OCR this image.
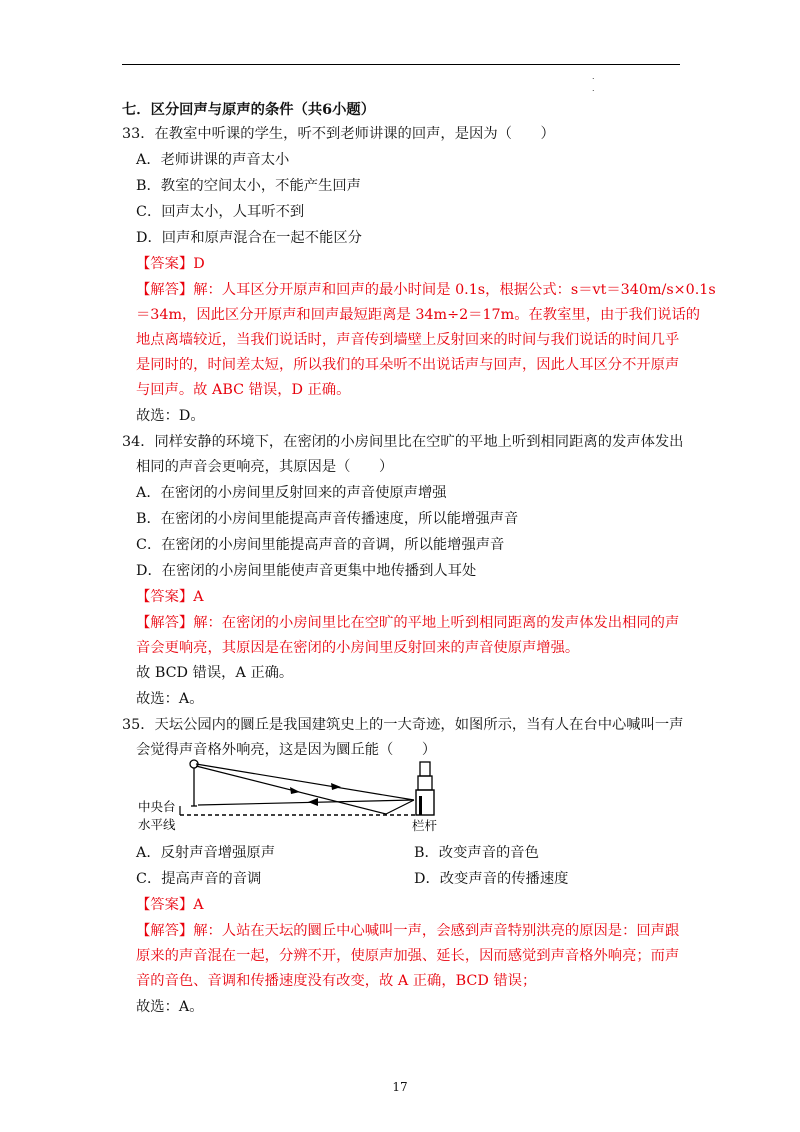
.
.
七．区分回声与原声的条件（共6小题）
33．在教室中听课的学生，听不到老师讲课的回声，是因为（　　）
A．老师讲课的声音太小
B．教室的空间太小，不能产生回声
C．回声太小，人耳听不到
D．回声和原声混合在一起不能区分
【答案】D
【解答】解：人耳区分开原声和回声的最小时间是 0.1s，根据公式：s＝vt＝340m/s×0.1s
＝34m，因此区分开原声和回声最短距离是 34m÷2＝17m。在教室里，由于我们说话的
地点离墙较近，当我们说话时，声音传到墙壁上反射回来的时间与我们说话的时间几乎
是同时的，时间差太短，所以我们的耳朵听不出说话声与回声，因此人耳区分不开原声
与回声。故 ABC 错误，D 正确。
故选：D。
34．同样安静的环境下，在密闭的小房间里比在空旷的平地上听到相同距离的发声体发出
相同的声音会更响亮，其原因是（　　）
A．在密闭的小房间里反射回来的声音使原声增强
B．在密闭的小房间里能提高声音传播速度，所以能增强声音
C．在密闭的小房间里能提高声音的音调，所以能增强声音
D．在密闭的小房间里能使声音更集中地传播到人耳处
【答案】A
【解答】解：在密闭的小房间里比在空旷的平地上听到相同距离的发声体发出相同的声
音会更响亮，其原因是在密闭的小房间里反射回来的声音使原声增强。
故 BCD 错误，A 正确。
故选：A。
35．天坛公园内的圜丘是我国建筑史上的一大奇迹，如图所示，当有人在台中心喊叫一声
会觉得声音格外响亮，这是因为圜丘能（　　）
中央台
水平线	栏杆
A．反射声音增强原声	B．改变声音的音色
C．提高声音的音调	D．改变声音的传播速度
【答案】A
【解答】解：人站在天坛的圜丘中心喊叫一声，会感到声音特别洪亮的原因是：回声跟
原来的声音混在一起，分辨不开，使原声加强、延长，因而感觉到声音格外响亮；而声
音的音色、音调和传播速度没有改变，故 A 正确，BCD 错误；
故选：A。
17
